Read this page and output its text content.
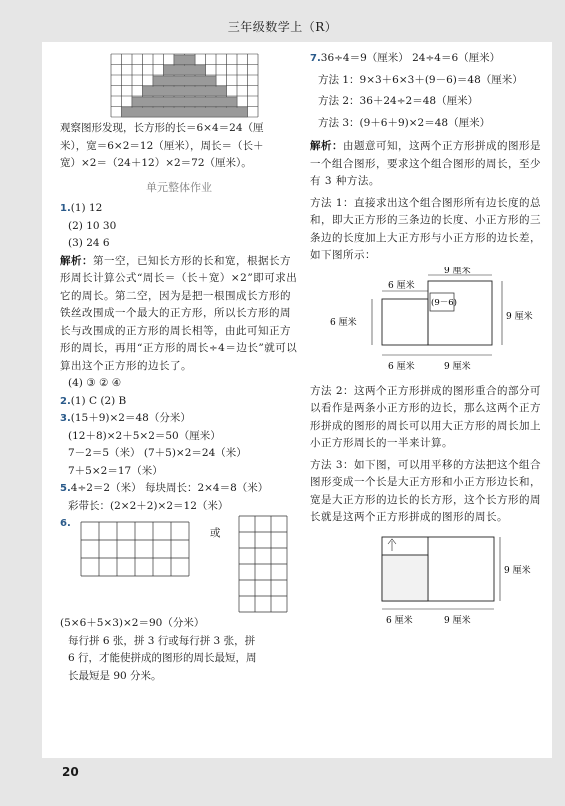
三年级数学上（R）
观察图形发现，长方形的长＝6×4＝24（厘
米），宽＝6×2＝12（厘米），周长＝（长＋
宽）×2＝（24＋12）×2＝72（厘米）。
单元整体作业
1.(1) 12
(2) 10 30
(3) 24 6
解析：第一空，已知长方形的长和宽，根据长方形周长计算公式“周长＝（长＋宽）×2”即可求出它的周长。第二空，因为是把一根围成长方形的铁丝改围成一个最大的正方形，所以长方形的周长与改围成的正方形的周长相等，由此可知正方形的周长，再用“正方形的周长÷4＝边长”就可以算出这个正方形的边长了。
(4) ③ ② ④
2.(1) C (2) B
3.(15＋9)×2＝48（分米）
(12＋8)×2＋5×2＝50（厘米）
7－2＝5（米） (7＋5)×2＝24（米）
7＋5×2＝17（米）
5.4÷2＝2（米） 每块周长：2×4＝8（米）
彩带长：(2×2＋2)×2＝12（米）
6.
或
(5×6＋5×3)×2＝90（分米）
每行拼 6 张，拼 3 行或每行拼 3 张，拼
6 行，才能使拼成的图形的周长最短，周
长最短是 90 分米。
7.36÷4＝9（厘米） 24÷4＝6（厘米）
方法 1：9×3＋6×3＋(9－6)＝48（厘米）
方法 2：36＋24÷2＝48（厘米）
方法 3：(9＋6＋9)×2＝48（厘米）
解析：由题意可知，这两个正方形拼成的图形是一个组合图形，要求这个组合图形的周长，至少有 3 种方法。
方法 1：直接求出这个组合图形所有边长度的总和，即大正方形的三条边的长度、小正方形的三条边的长度加上大正方形与小正方形的边长差，如下图所示：
9 厘米
6 厘米
(9－6)
6 厘米
9 厘米
6 厘米	9 厘米
方法 2：这两个正方形拼成的图形重合的部分可以看作是两条小正方形的边长，那么这两个正方形拼成的图形的周长可以用大正方形的周长加上小正方形周长的一半来计算。
方法 3：如下图，可以用平移的方法把这个组合图形变成一个长是大正方形和小正方形边长和，宽是大正方形的边长的长方形，这个长方形的周长就是这两个正方形拼成的图形的周长。
9 厘米
6 厘米	9 厘米
20
